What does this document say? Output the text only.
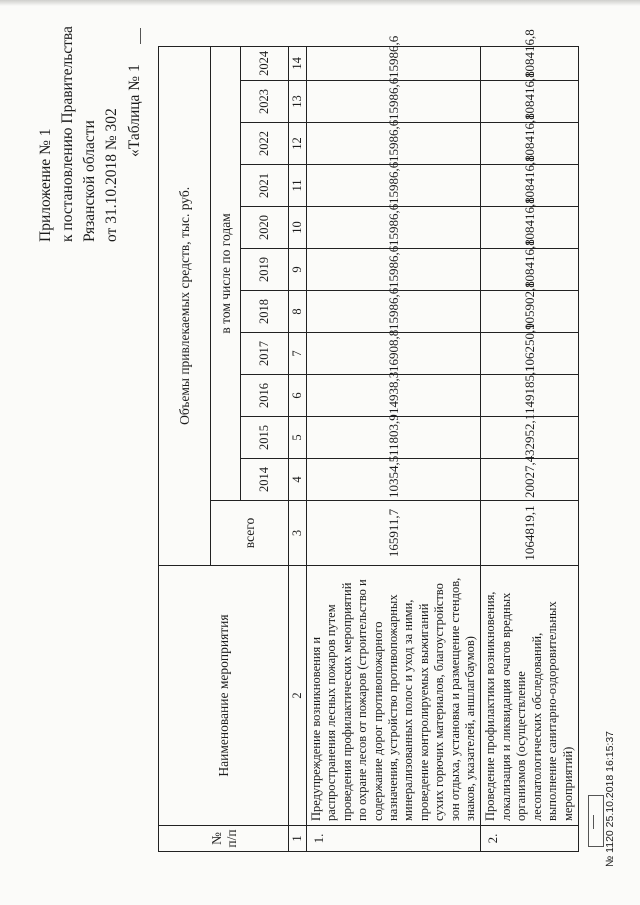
Приложение № 1 к постановлению Правительства Рязанской области от 31.10.2018 № 302 «Таблица № 1
№ п/п	Наименование мероприятия	Объемы привлекаемых средств, тыс. руб.											
		всего	в том числе по годам										
			2014	2015	2016	2017	2018	2019	2020	2021	2022	2023	2024
1	2	3	4	5	6	7	8	9	10	11	12	13	14
1.	Предупреждение возникновения и распространения лесных пожаров путем проведения профилактических мероприятий по охране лесов от пожаров (строительство и содержание дорог противопожарного назначения, устройство противопожарных минерализованных полос и уход за ними, проведение контролируемых выжиганий сухих горючих материалов, благоустройство зон отдыха, установка и размещение стендов, знаков, указателей, аншлагбаумов)	165911,7	10354,5	11803,9	14938,3	16908,8	15986,6	15986,6	15986,6	15986,6	15986,6	15986,6	15986,6
2.	Проведение профилактики возникновения, локализация и ликвидация очагов вредных организмов (осуществление лесопатологических обследований, выполнение санитарно-оздоровительных мероприятий)	1064819,1	20027,4	32952,1	149185,1	106250,9	105902,8	108416,8	108416,8	108416,8	108416,8	108416,8	108416,8
№ 1120 25.10.2018 16:15:37
